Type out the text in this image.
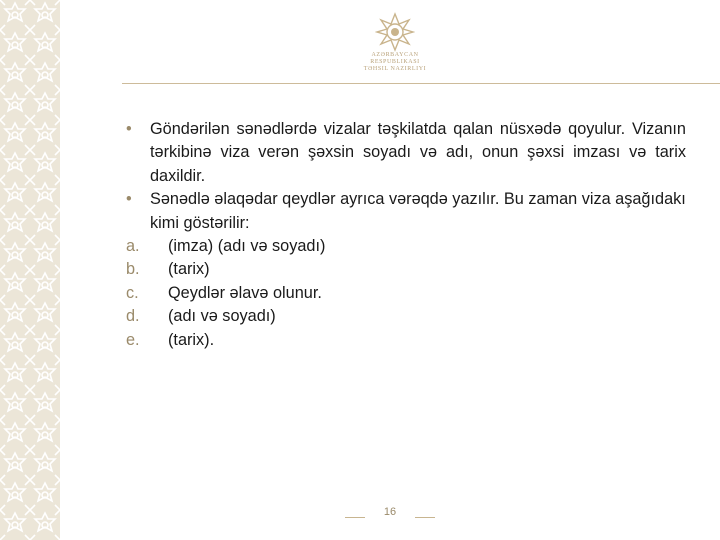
AZƏRBAYCAN RESPUBLIKASI
TƏHSIL NAZIRLIYI
•	Göndərilən sənədlərdə vizalar təşkilatda qalan nüsxədə qoyulur. Vizanın tərkibinə viza verən şəxsin soyadı və adı, onun şəxsi imzası və tarix daxildir.
•	Sənədlə əlaqədar qeydlər ayrıca vərəqdə yazılır. Bu zaman viza aşağıdakı kimi göstərilir:
a.	(imza) (adı və soyadı)
b.	(tarix)
c.	Qeydlər əlavə olunur.
d.	(adı və soyadı)
e.	(tarix).
16
